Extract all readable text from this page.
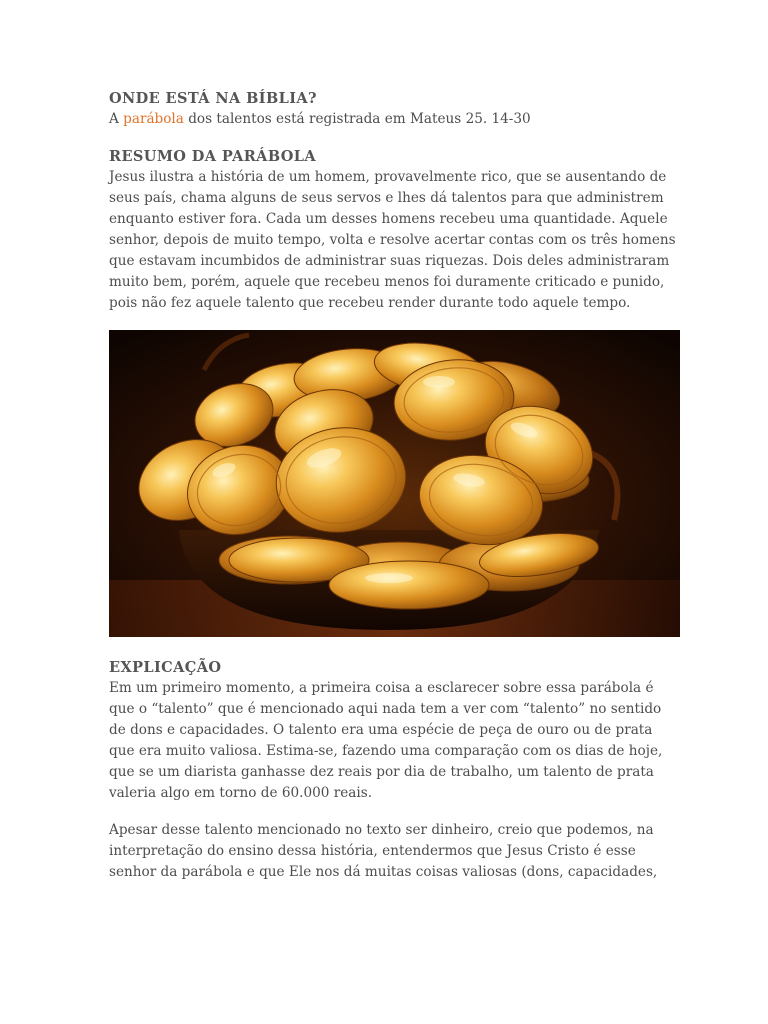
ONDE ESTÁ NA BÍBLIA?

A parábola dos talentos está registrada em Mateus 25. 14-30

RESUMO DA PARÁBOLA

Jesus ilustra a história de um homem, provavelmente rico, que se ausentando de seus país, chama alguns de seus servos e lhes dá talentos para que administrem enquanto estiver fora. Cada um desses homens recebeu uma quantidade. Aquele senhor, depois de muito tempo, volta e resolve acertar contas com os três homens que estavam incumbidos de administrar suas riquezas. Dois deles administraram muito bem, porém, aquele que recebeu menos foi duramente criticado e punido, pois não fez aquele talento que recebeu render durante todo aquele tempo.

EXPLICAÇÃO

Em um primeiro momento, a primeira coisa a esclarecer sobre essa parábola é que o “talento” que é mencionado aqui nada tem a ver com “talento” no sentido de dons e capacidades. O talento era uma espécie de peça de ouro ou de prata que era muito valiosa. Estima-se, fazendo uma comparação com os dias de hoje, que se um diarista ganhasse dez reais por dia de trabalho, um talento de prata valeria algo em torno de 60.000 reais.

Apesar desse talento mencionado no texto ser dinheiro, creio que podemos, na interpretação do ensino dessa história, entendermos que Jesus Cristo é esse senhor da parábola e que Ele nos dá muitas coisas valiosas (dons, capacidades,
